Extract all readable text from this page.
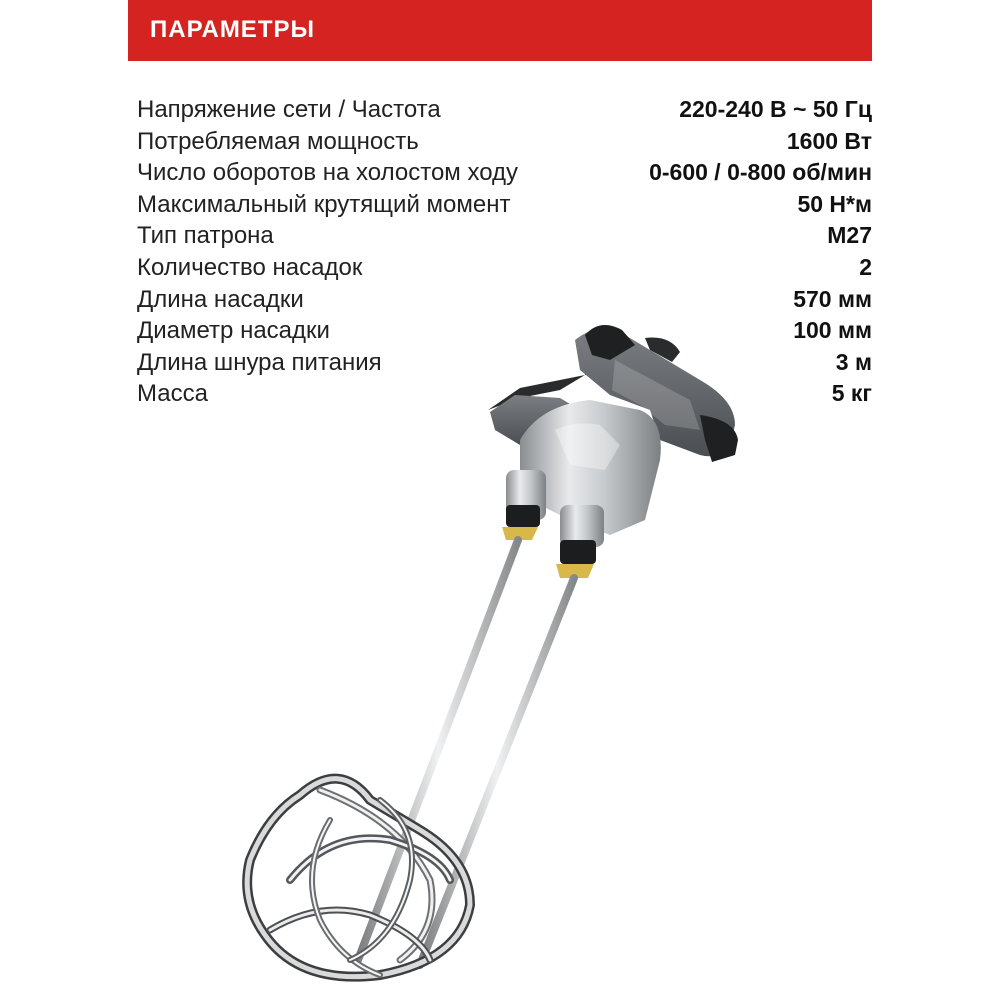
ПАРАМЕТРЫ
Напряжение сети / Частота	220-240 В ~ 50 Гц
Потребляемая мощность	1600 Вт
Число оборотов на холостом ходу	0-600 / 0-800 об/мин
Максимальный крутящий момент	50 Н*м
Тип патрона	М27
Количество насадок	2
Длина насадки	570 мм
Диаметр насадки	100 мм
Длина шнура питания	3 м
Масса	5 кг
